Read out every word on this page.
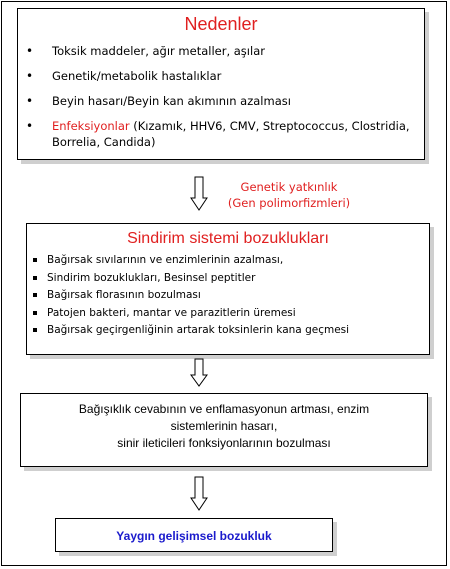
Nedenler
• Toksik maddeler, ağır metaller, aşılar
• Genetik/metabolik hastalıklar
• Beyin hasarı/Beyin kan akımının azalması
• Enfeksiyonlar (Kızamık, HHV6, CMV, Streptococcus, Clostridia, Borrelia, Candida)
Genetik yatkınlık
(Gen polimorfizmleri)
Sindirim sistemi bozuklukları
Bağırsak sıvılarının ve enzimlerinin azalması,
Sindirim bozuklukları, Besinsel peptitler
Bağırsak florasının bozulması
Patojen bakteri, mantar ve parazitlerin üremesi
Bağırsak geçirgenliğinin artarak toksinlerin kana geçmesi
Bağışıklık cevabının ve enflamasyonun artması, enzim
sistemlerinin hasarı,
sinir ileticileri fonksiyonlarının bozulması
Yaygın gelişimsel bozukluk
